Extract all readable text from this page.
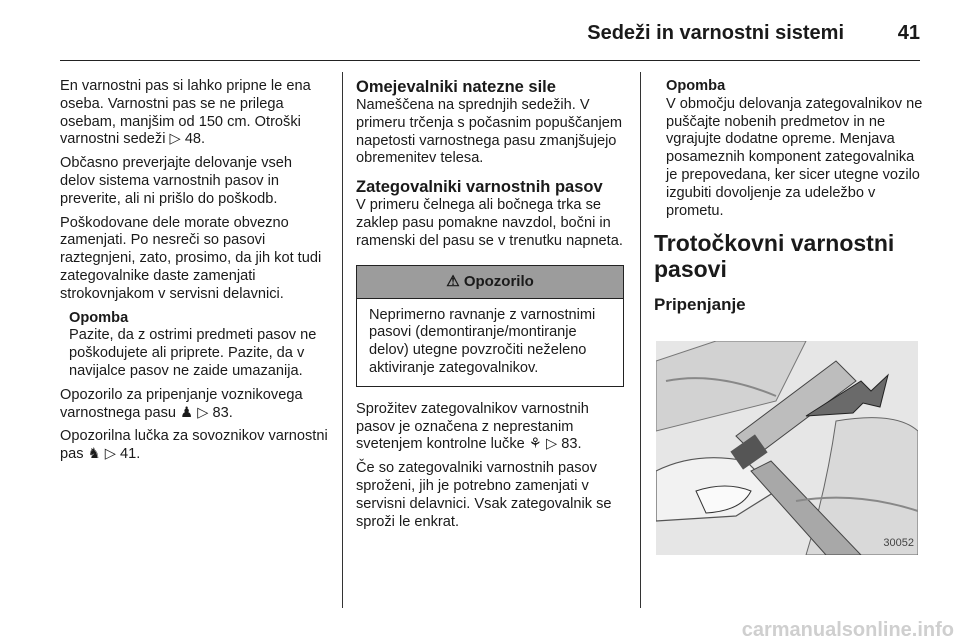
Sedeži in varnostni sistemi	41

En varnostni pas si lahko pripne le ena oseba. Varnostni pas se ne prilega osebam, manjšim od 150 cm. Otroški varnostni sedeži ▷ 48.

Občasno preverjajte delovanje vseh delov sistema varnostnih pasov in preverite, ali ni prišlo do poškodb.

Poškodovane dele morate obvezno zamenjati. Po nesreči so pasovi raztegnjeni, zato, prosimo, da jih kot tudi zategovalnike daste zamenjati strokovnjakom v servisni delavnici.

Opomba
Pazite, da z ostrimi predmeti pasov ne poškodujete ali priprete. Pazite, da v navijalce pasov ne zaide umazanija.

Opozorilo za pripenjanje voznikovega varnostnega pasu ♟ ▷ 83.

Opozorilna lučka za sovoznikov varnostni pas ♞ ▷ 41.

Omejevalniki natezne sile

Nameščena na sprednjih sedežih. V primeru trčenja s počasnim popuščanjem napetosti varnostnega pasu zmanjšujejo obremenitev telesa.

Zategovalniki varnostnih pasov

V primeru čelnega ali bočnega trka se zaklep pasu pomakne navzdol, bočni in ramenski del pasu se v trenutku napneta.

⚠ Opozorilo
Neprimerno ravnanje z varnostnimi pasovi (demontiranje/montiranje delov) utegne povzročiti neželeno aktiviranje zategovalnikov.

Sprožitev zategovalnikov varnostnih pasov je označena z neprestanim svetenjem kontrolne lučke ⚘ ▷ 83.

Če so zategovalniki varnostnih pasov sproženi, jih je potrebno zamenjati v servisni delavnici. Vsak zategovalnik se sproži le enkrat.

Opomba
V območju delovanja zategovalnikov ne puščajte nobenih predmetov in ne vgrajujte dodatne opreme. Menjava posameznih komponent zategovalnika je prepovedana, ker sicer utegne vozilo izgubiti dovoljenje za udeležbo v prometu.
Trotočkovni varnostni pasovi
Pripenjanje
30052
carmanualsonline.info
